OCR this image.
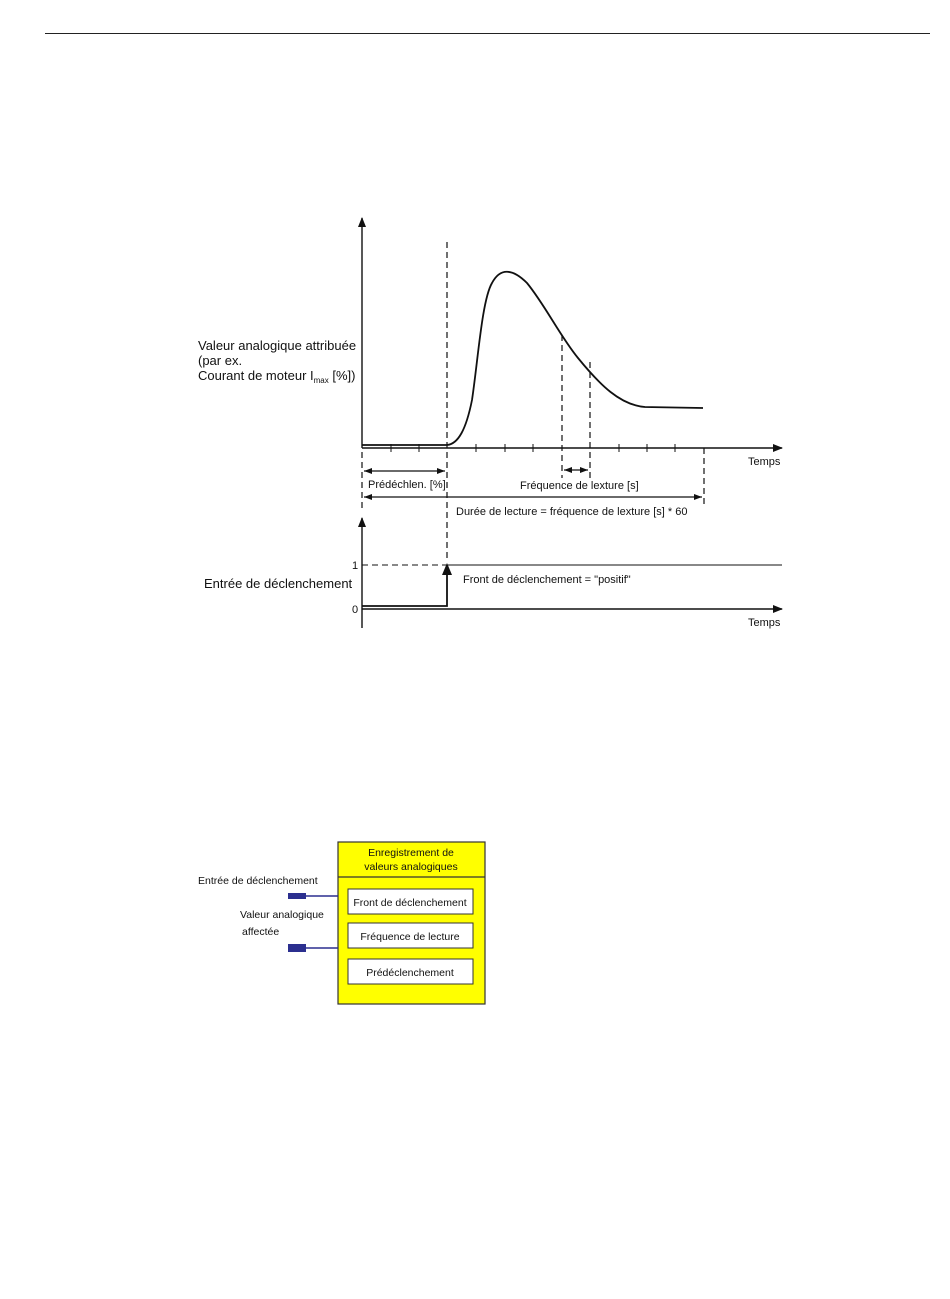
Valeur analogique attribuée
(par ex.
Courant de moteur $I_{max}$ [%])
Temps
Prédéchlen. [%]	Fréquence de lexture [s]
Durée de lecture = fréquence de lexture [s] * 60
Entrée de déclenchement
1
0
Front de déclenchement = "positif"
Temps
Enregistrement de
valeurs analogiques
Front de déclenchement
Fréquence de lecture
Prédéclenchement
Entrée de déclenchement
Valeur analogique
affectée
